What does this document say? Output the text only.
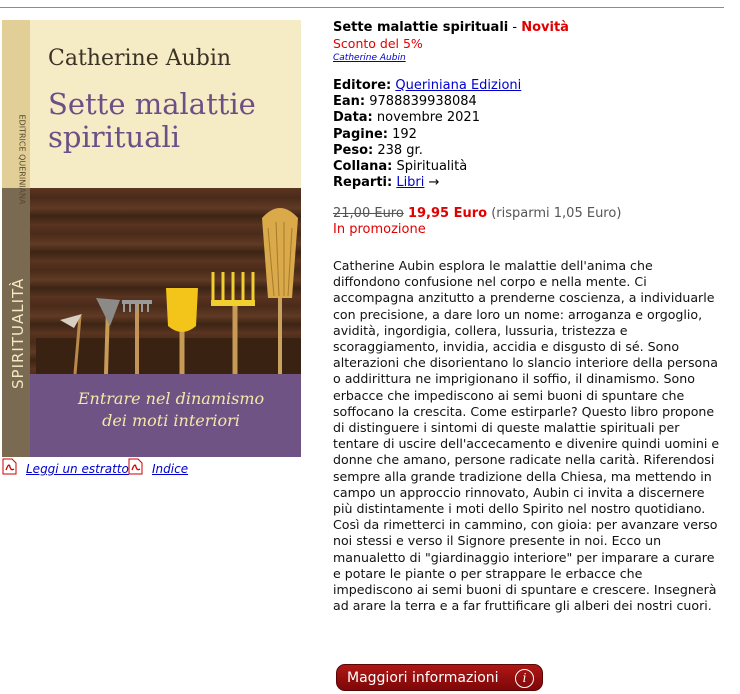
EDITRICE QUERINIANA
SPIRITUALITÀ
Catherine Aubin
Sette malattie
spirituali
Entrare nel dinamismo
dei moti interiori
Leggi un estratto Indice
Sette malattie spirituali - Novità
Sconto del 5%
Catherine Aubin
Editore: Queriniana Edizioni
Ean: 9788839938084
Data: novembre 2021
Pagine: 192
Peso: 238 gr.
Collana: Spiritualità
Reparti: Libri →
21,00 Euro 19,95 Euro (risparmi 1,05 Euro)
In promozione
Catherine Aubin esplora le malattie dell'anima che diffondono confusione nel corpo e nella mente. Ci accompagna anzitutto a prenderne coscienza, a individuarle con precisione, a dare loro un nome: arroganza e orgoglio, avidità, ingordigia, collera, lussuria, tristezza e scoraggiamento, invidia, accidia e disgusto di sé. Sono alterazioni che disorientano lo slancio interiore della persona o addirittura ne imprigionano il soffio, il dinamismo. Sono erbacce che impediscono ai semi buoni di spuntare che soffocano la crescita. Come estirparle? Questo libro propone di distinguere i sintomi di queste malattie spirituali per tentare di uscire dell'accecamento e divenire quindi uomini e donne che amano, persone radicate nella carità. Riferendosi sempre alla grande tradizione della Chiesa, ma mettendo in campo un approccio rinnovato, Aubin ci invita a discernere più distintamente i moti dello Spirito nel nostro quotidiano. Così da rimetterci in cammino, con gioia: per avanzare verso noi stessi e verso il Signore presente in noi. Ecco un manualetto di "giardinaggio interiore" per imparare a curare e potare le piante o per strappare le erbacce che impediscono ai semi buoni di spuntare e crescere. Insegnerà ad arare la terra e a far fruttificare gli alberi dei nostri cuori.
Maggiori informazioni	i
